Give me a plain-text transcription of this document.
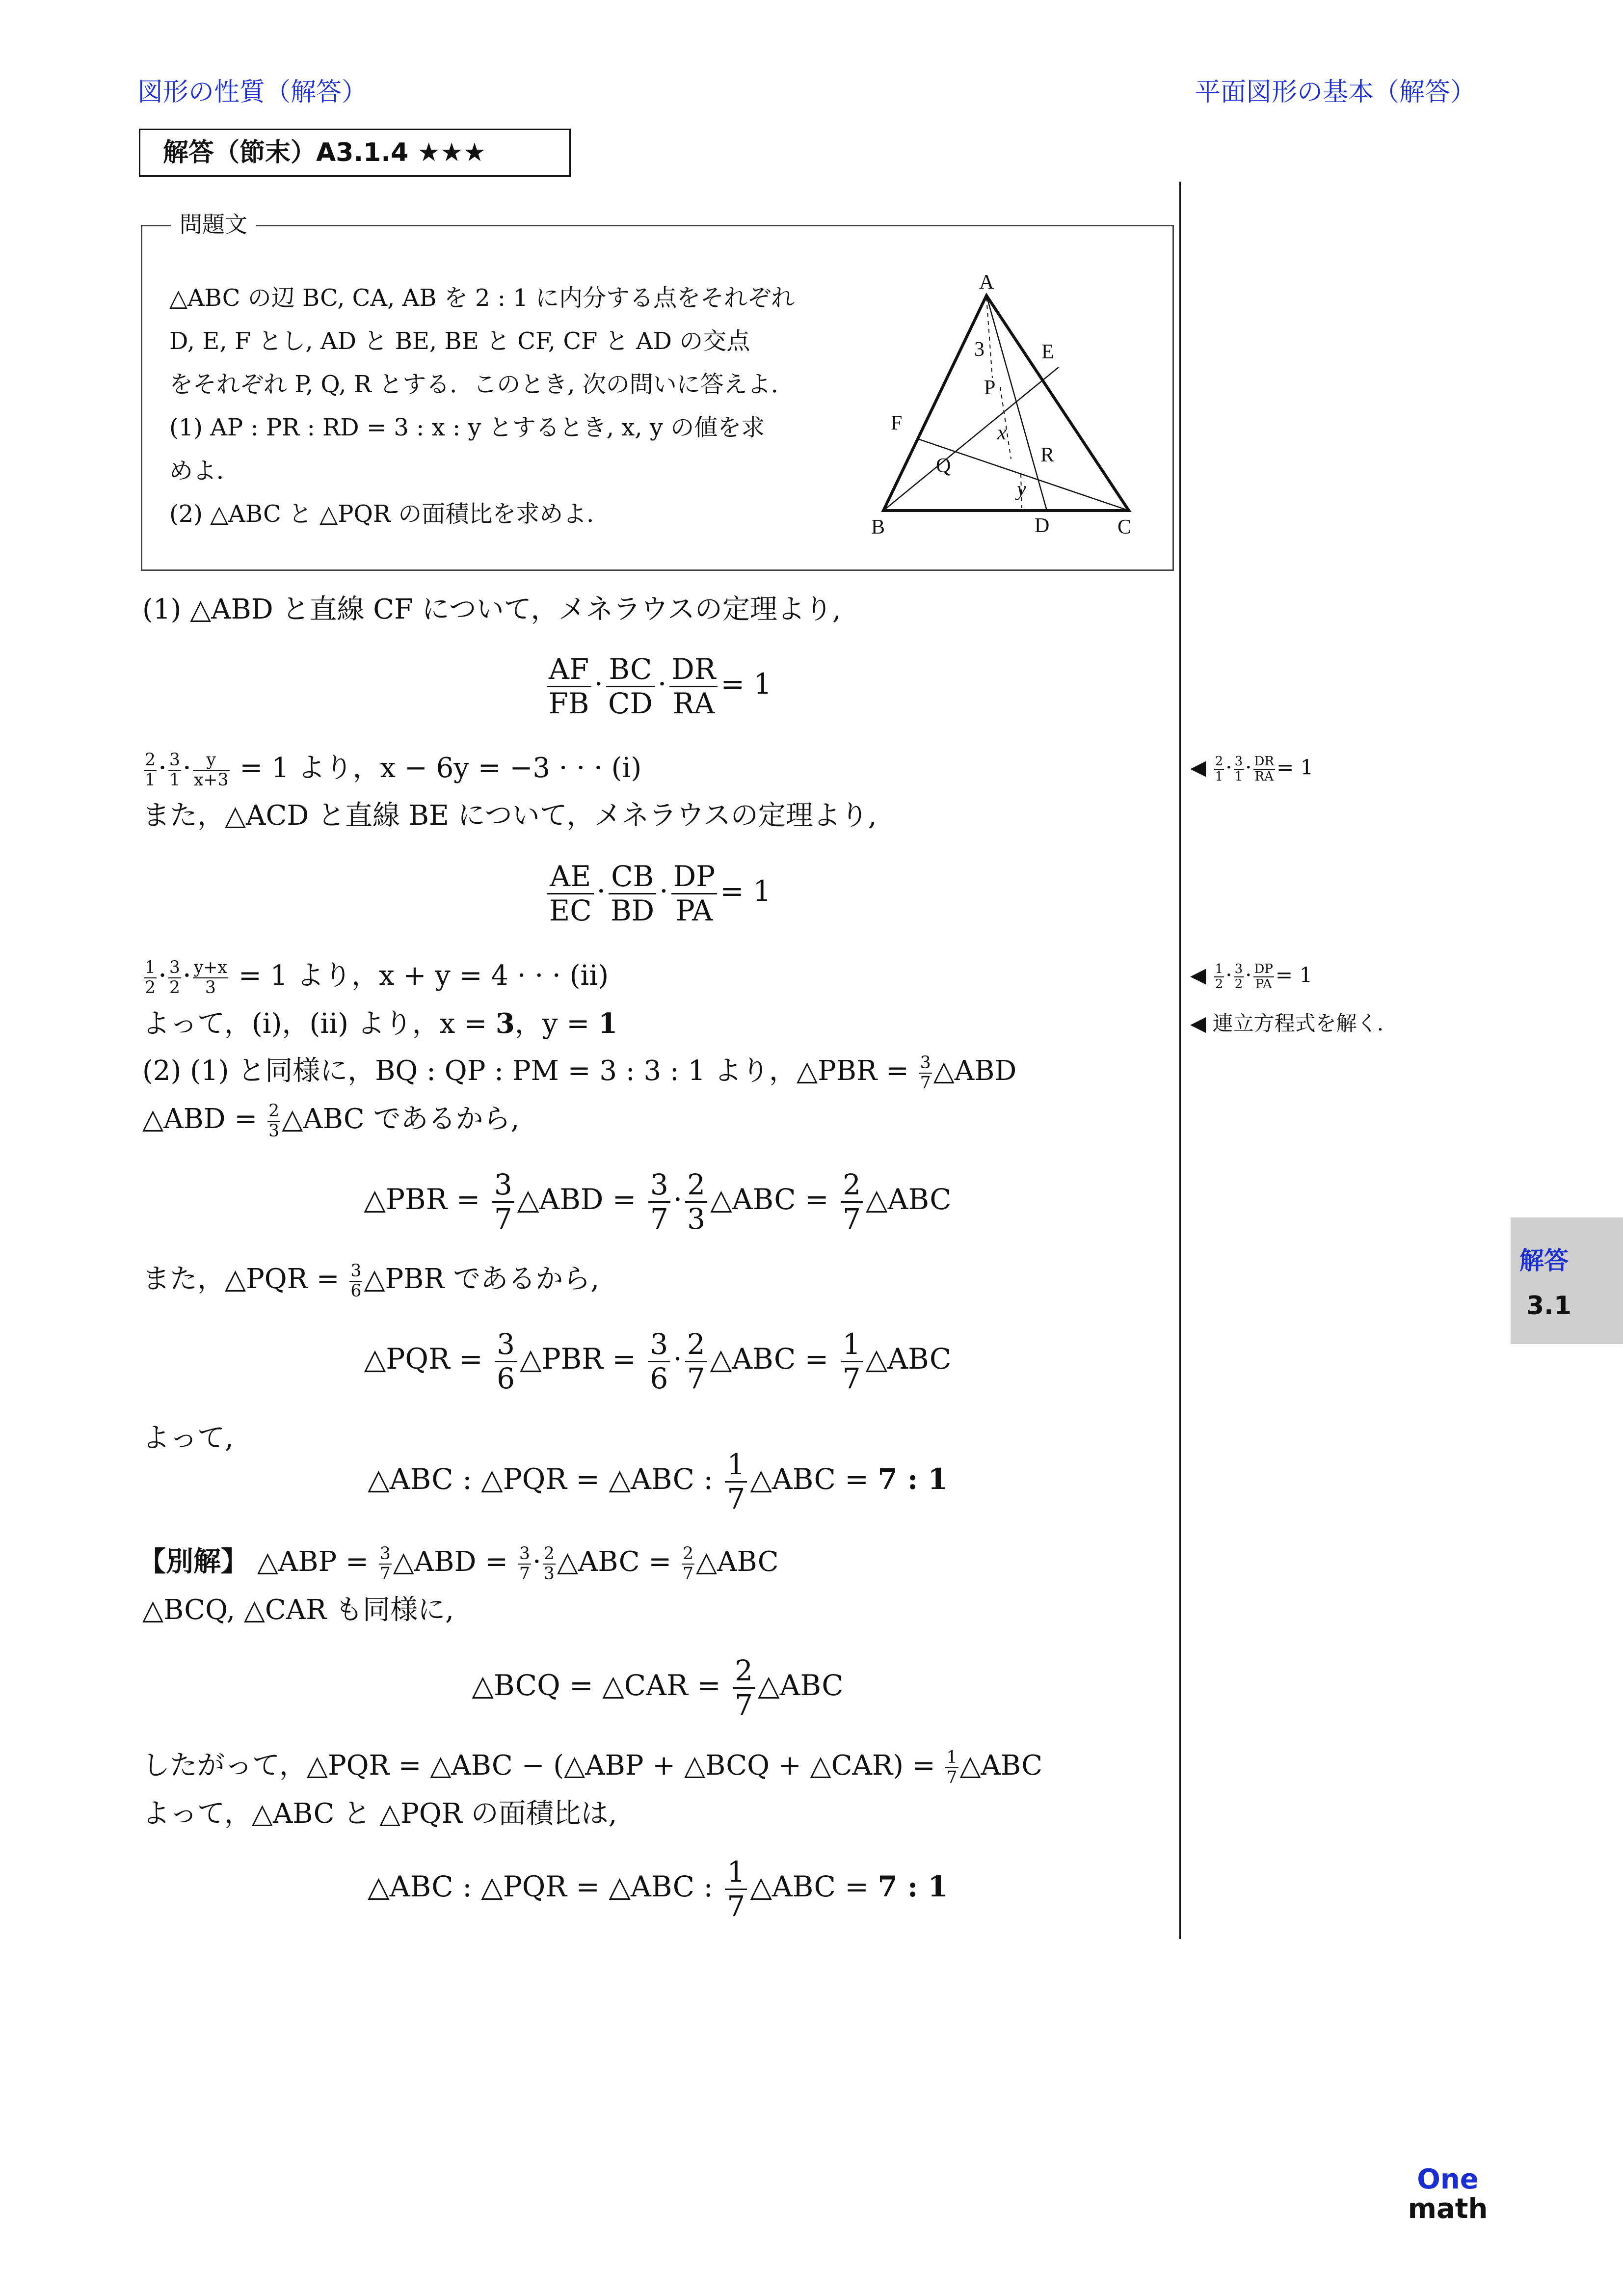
図形の性質（解答）	平面図形の基本（解答）
解答（節末）A3.1.4 ★★★
問題文
△ABC の辺 BC, CA, AB を 2 : 1 に内分する点をそれぞれ
D, E, F とし, AD と BE, BE と CF, CF と AD の交点
をそれぞれ P, Q, R とする．このとき, 次の問いに答えよ．
(1) AP : PR : RD = 3 : x : y とするとき, x, y の値を求
めよ．
(2) △ABC と △PQR の面積比を求めよ．
A
B	C
D
E
F
P
Q	R
3
x
y
(1) △ABD と直線 CF について，メネラウスの定理より,
$\frac{AF}{FB} \cdot \frac{BC}{CD} \cdot \frac{DR}{RA} = 1$
$\frac{2}{1} \cdot \frac{3}{1} \cdot \frac{y}{x+3} = 1$ より，x − 6y = −3 · · · (i)
また，△ACD と直線 BE について，メネラウスの定理より,
$\frac{AE}{EC} \cdot \frac{CB}{BD} \cdot \frac{DP}{PA} = 1$
$\frac{1}{2} \cdot \frac{3}{2} \cdot \frac{y+x}{3} = 1$ より，x + y = 4 · · · (ii)
よって，(i)，(ii) より，x = 3，y = 1
(2) (1) と同様に，BQ : QP : PM = 3 : 3 : 1 より，△PBR = $\frac{3}{7}$ △ABD
△ABD = $\frac{2}{3}$ △ABC であるから,
△PBR = $\frac{3}{7}$ △ABD = $\frac{3}{7} \cdot \frac{2}{3}$ △ABC = $\frac{2}{7}$ △ABC
また，△PQR = $\frac{3}{6}$ △PBR であるから,
△PQR = $\frac{3}{6}$ △PBR = $\frac{3}{6} \cdot \frac{2}{7}$ △ABC = $\frac{1}{7}$ △ABC
よって,
△ABC : △PQR = △ABC : $\frac{1}{7}$ △ABC = 7 : 1
【別解】 △ABP = $\frac{3}{7}$ △ABD = $\frac{3}{7} \cdot \frac{2}{3}$ △ABC = $\frac{2}{7}$ △ABC
△BCQ, △CAR も同様に,
△BCQ = △CAR = $\frac{2}{7}$ △ABC
したがって，△PQR = △ABC − (△ABP + △BCQ + △CAR) = $\frac{1}{7}$ △ABC
よって，△ABC と △PQR の面積比は,
△ABC : △PQR = △ABC : $\frac{1}{7}$ △ABC = 7 : 1
◀ $\frac{2}{1} \cdot \frac{3}{1} \cdot \frac{DR}{RA} = 1$
◀ $\frac{1}{2} \cdot \frac{3}{2} \cdot \frac{DP}{PA} = 1$
◀ 連立方程式を解く．
解答
3.1
One
math
